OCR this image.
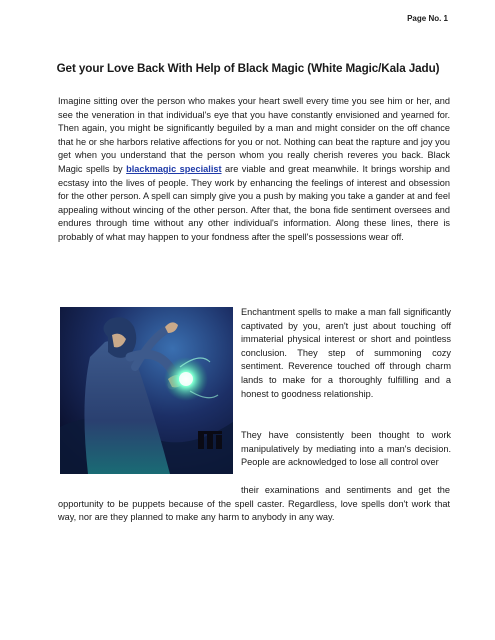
Page No. 1
Get your Love Back With Help of Black Magic (White Magic/Kala Jadu)

Imagine sitting over the person who makes your heart swell every time you see him or her, and see the veneration in that individual's eye that you have constantly envisioned and yearned for. Then again, you might be significantly beguiled by a man and might consider on the off chance that he or she harbors relative affections for you or not. Nothing can beat the rapture and joy you get when you understand that the person whom you really cherish reveres you back. Black Magic spells by blackmagic specialist are viable and great meanwhile. It brings worship and ecstasy into the lives of people. They work by enhancing the feelings of interest and obsession for the other person. A spell can simply give you a push by making you take a gander at and feel appealing without wincing of the other person. After that, the bona fide sentiment oversees and endures through time without any other individual's information. Along these lines, there is probably of what may happen to your fondness after the spell's possessions wear off.

Enchantment spells to make a man fall significantly captivated by you, aren't just about touching off immaterial physical interest or short and pointless conclusion. They step of summoning cozy sentiment. Reverence touched off through charm lands to make for a thoroughly fulfilling and a honest to goodness relationship.

They have consistently been thought to work manipulatively by mediating into a man's decision. People are acknowledged to lose all control over

their examinations and sentiments and get the opportunity to be puppets because of the spell caster. Regardless, love spells don't work that way, nor are they planned to make any harm to anybody in any way.
